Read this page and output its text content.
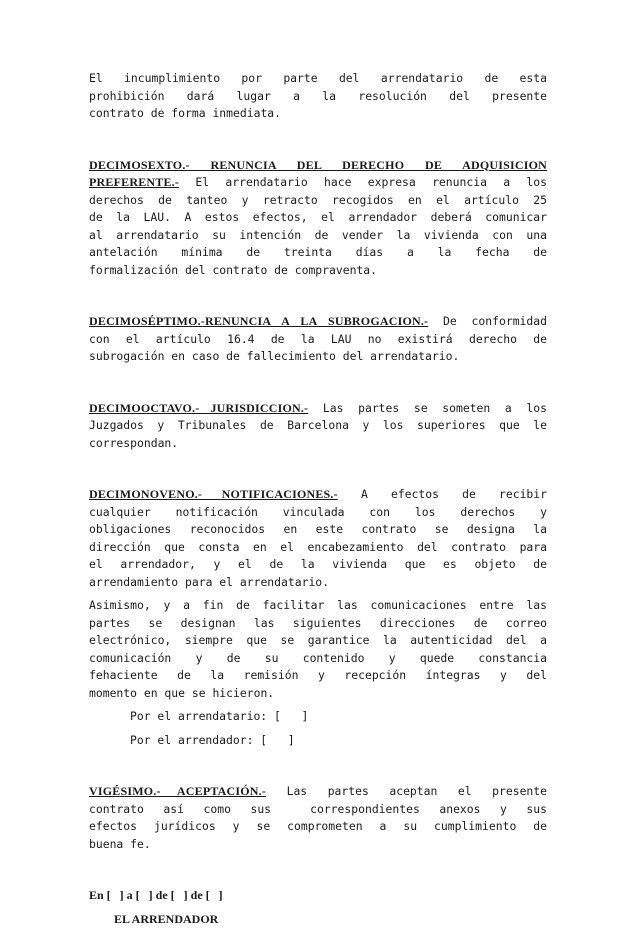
El incumplimiento por parte del arrendatario de esta

prohibición dará lugar a la resolución del presente

contrato de forma inmediata.

DECIMOSEXTO.- RENUNCIA DEL DERECHO DE ADQUISICION

PREFERENTE.- El arrendatario hace expresa renuncia a los

derechos de tanteo y retracto recogidos en el artículo 25

de la LAU. A estos efectos, el arrendador deberá comunicar

al arrendatario su intención de vender la vivienda con una

antelación mínima de treinta días a la fecha de

formalización del contrato de compraventa.

DECIMOSÉPTIMO.-RENUNCIA A LA SUBROGACION.- De conformidad

con el artículo 16.4 de la LAU no existirá derecho de

subrogación en caso de fallecimiento del arrendatario.

DECIMOOCTAVO.- JURISDICCION.- Las partes se someten a los

Juzgados y Tribunales de Barcelona y los superiores que le

correspondan.

DECIMONOVENO.- NOTIFICACIONES.- A efectos de recibir

cualquier notificación vinculada con los derechos y

obligaciones reconocidos en este contrato se designa la

dirección que consta en el encabezamiento del contrato para

el arrendador, y el de la vivienda que es objeto de

arrendamiento para el arrendatario.

Asimismo, y a fin de facilitar las comunicaciones entre las

partes se designan las siguientes direcciones de correo

electrónico, siempre que se garantice la autenticidad del a

comunicación y de su contenido y quede constancia

fehaciente de la remisión y recepción íntegras y del

momento en que se hicieron.

Por el arrendatario: [   ]

Por el arrendador: [   ]

VIGÉSIMO.- ACEPTACIÓN.- Las partes aceptan el presente

contrato así como sus  correspondientes anexos y sus

efectos jurídicos y se comprometen a su cumplimiento de

buena fe.

En [   ] a [   ] de [   ] de [   ]

EL ARRENDADOR
